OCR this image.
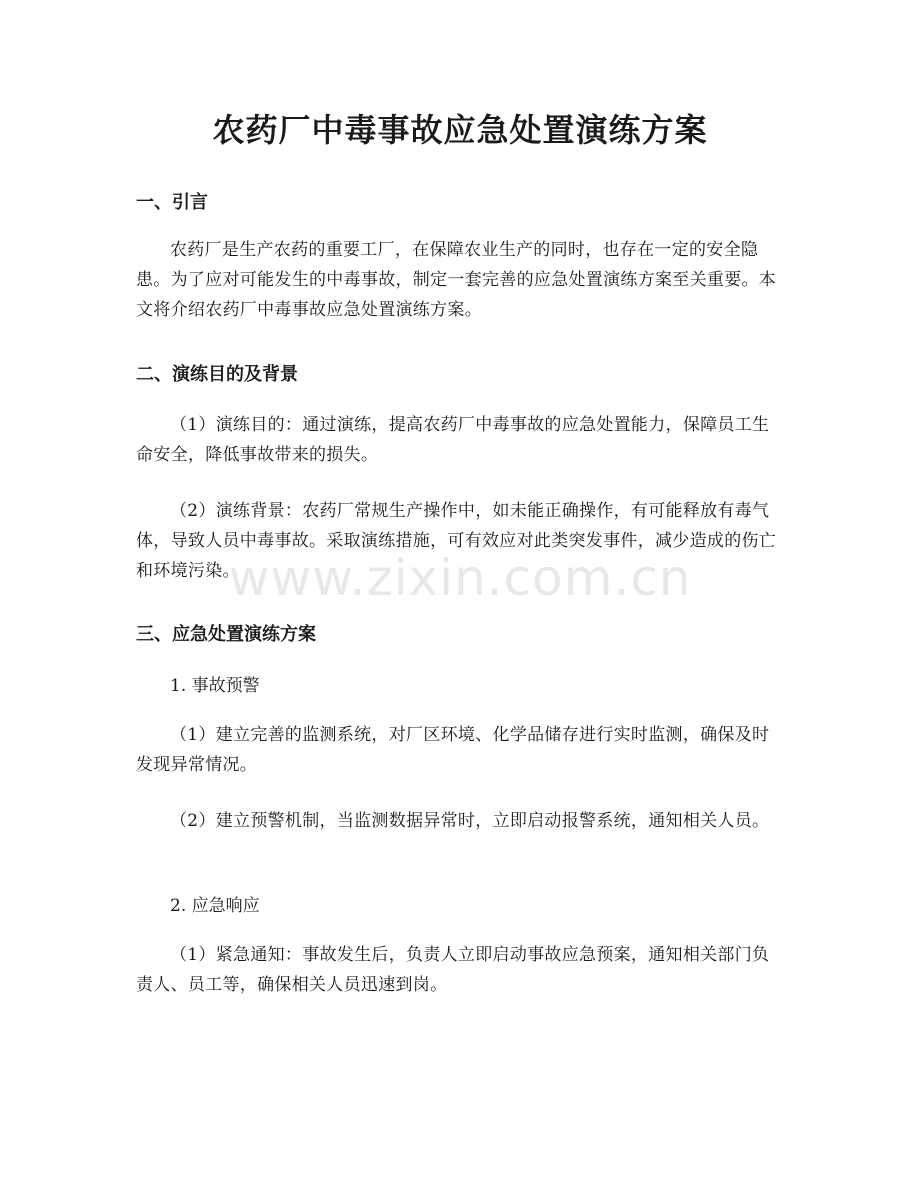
农药厂中毒事故应急处置演练方案
一、引言

农药厂是生产农药的重要工厂，在保障农业生产的同时，也存在一定的安全隐患。为了应对可能发生的中毒事故，制定一套完善的应急处置演练方案至关重要。本文将介绍农药厂中毒事故应急处置演练方案。

二、演练目的及背景

（1）演练目的：通过演练，提高农药厂中毒事故的应急处置能力，保障员工生命安全，降低事故带来的损失。

（2）演练背景：农药厂常规生产操作中，如未能正确操作，有可能释放有毒气体，导致人员中毒事故。采取演练措施，可有效应对此类突发事件，减少造成的伤亡和环境污染。

三、应急处置演练方案

1. 事故预警

（1）建立完善的监测系统，对厂区环境、化学品储存进行实时监测，确保及时发现异常情况。

（2）建立预警机制，当监测数据异常时，立即启动报警系统，通知相关人员。

2. 应急响应

（1）紧急通知：事故发生后，负责人立即启动事故应急预案，通知相关部门负责人、员工等，确保相关人员迅速到岗。

www.zixin.com.cn
